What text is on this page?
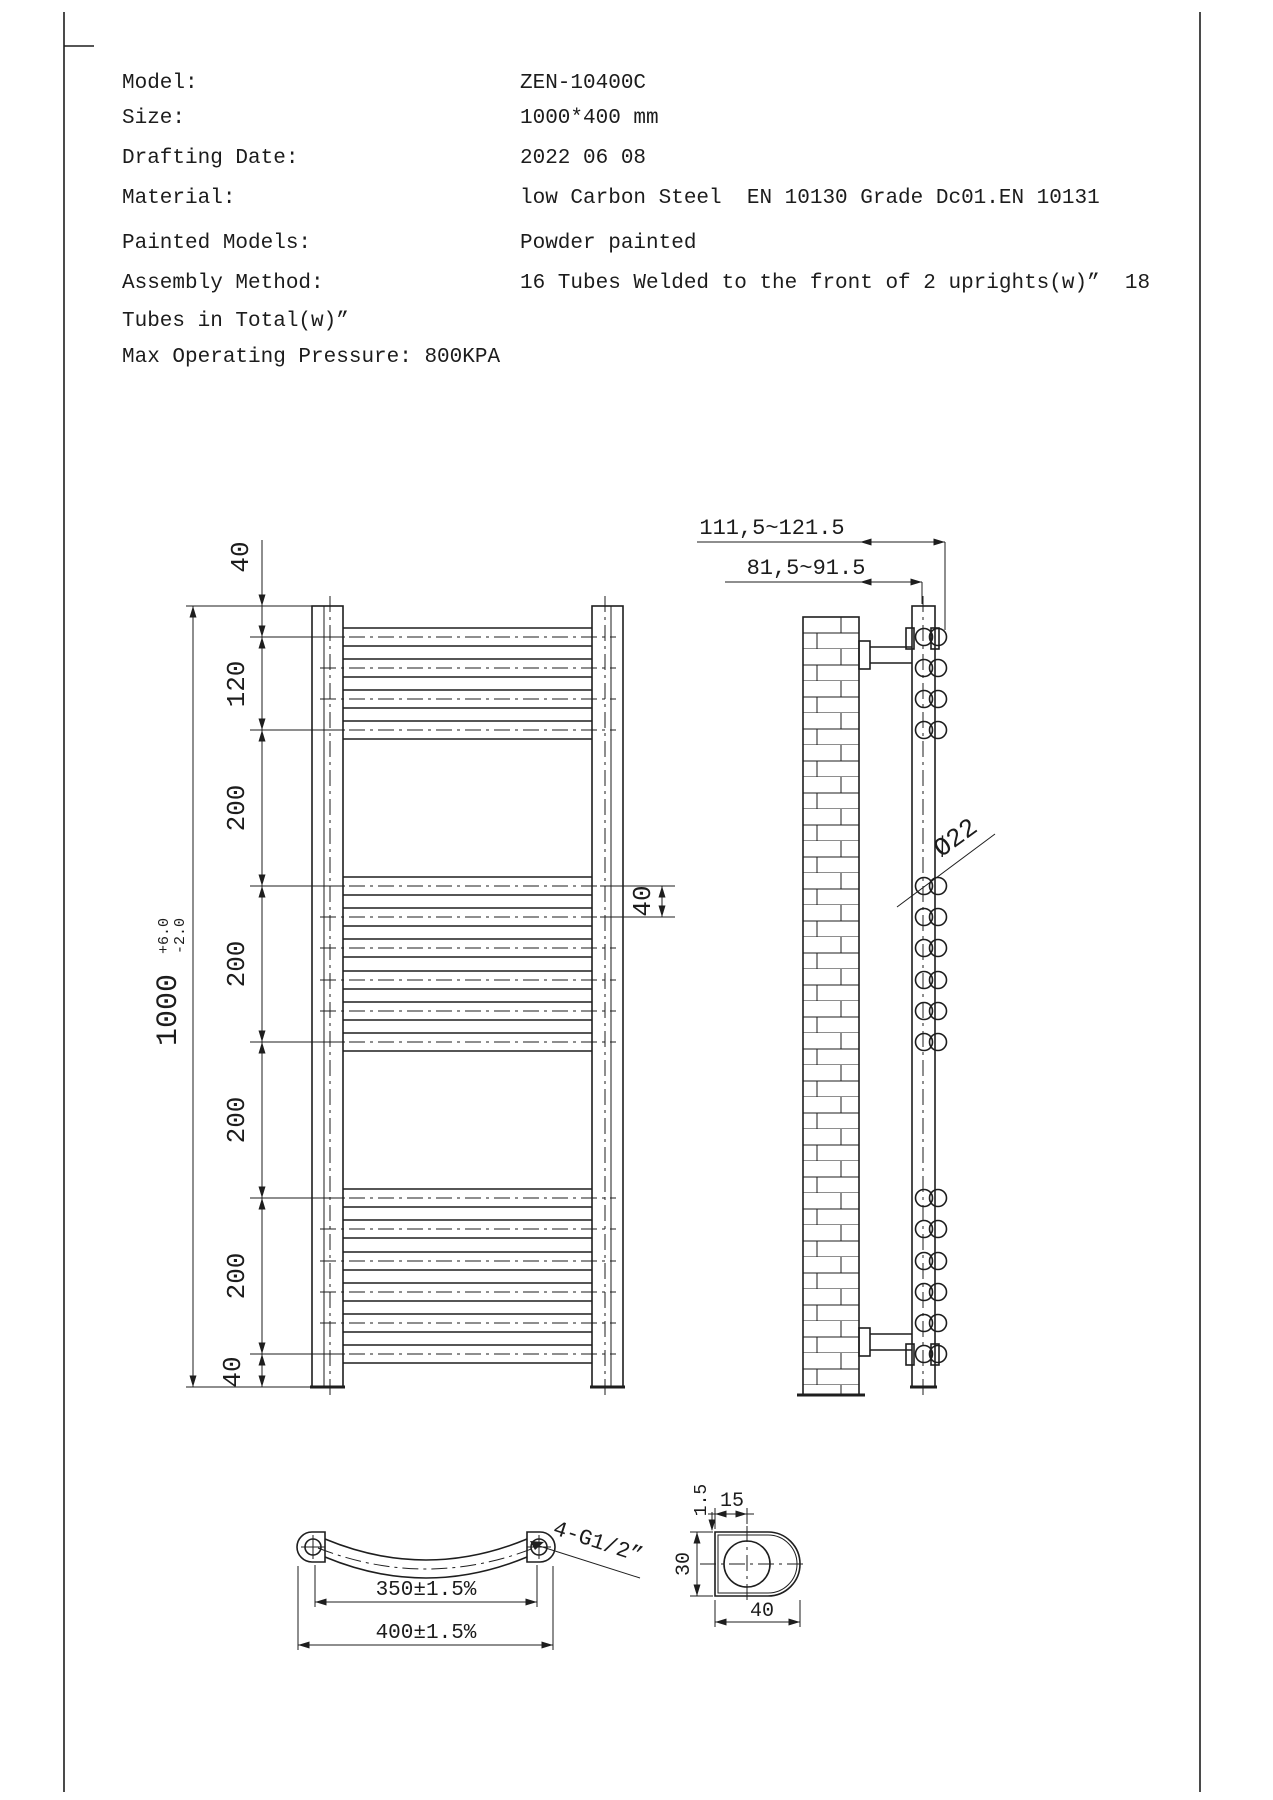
Model:	ZEN-10400C
Size:	1000*400 mm
Drafting Date:	2022 06 08
Material:	low Carbon Steel  EN 10130 Grade Dc01.EN 10131
Painted Models:	Powder painted
Assembly Method:	16 Tubes Welded to the front of 2 uprights(w)”  18
Tubes in Total(w)”
Max Operating Pressure: 800KPA
1000+6.0-2.0
40
120
200
200
200
200
40
40
111,5~121.5
81,5~91.5
Ø22
350±1.5%
400±1.5%
4-G1/2”
15
1.5
30
40
